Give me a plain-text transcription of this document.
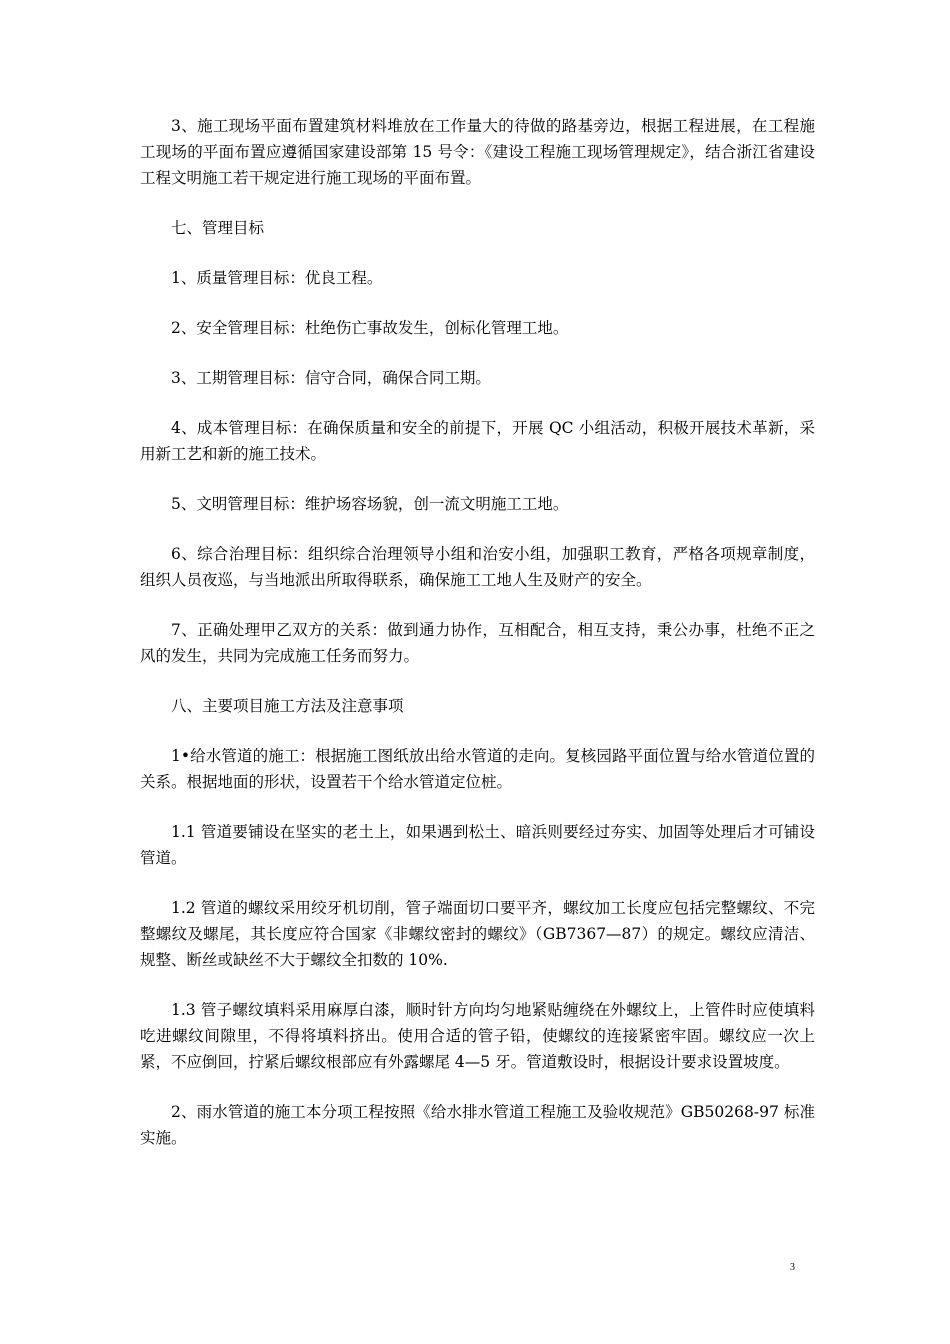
3、施工现场平面布置建筑材料堆放在工作量大的待做的路基旁边，根据工程进展，在工程施工现场的平面布置应遵循国家建设部第 15 号令：《建设工程施工现场管理规定》，结合浙江省建设工程文明施工若干规定进行施工现场的平面布置。

七、管理目标

1、质量管理目标：优良工程。

2、安全管理目标：杜绝伤亡事故发生，创标化管理工地。

3、工期管理目标：信守合同，确保合同工期。

4、成本管理目标：在确保质量和安全的前提下，开展 QC 小组活动，积极开展技术革新，采用新工艺和新的施工技术。

5、文明管理目标：维护场容场貌，创一流文明施工工地。

6、综合治理目标：组织综合治理领导小组和治安小组，加强职工教育，严格各项规章制度，组织人员夜巡，与当地派出所取得联系，确保施工工地人生及财产的安全。

7、正确处理甲乙双方的关系：做到通力协作，互相配合，相互支持，秉公办事，杜绝不正之风的发生，共同为完成施工任务而努力。

八、主要项目施工方法及注意事项

1•给水管道的施工：根据施工图纸放出给水管道的走向。复核园路平面位置与给水管道位置的关系。根据地面的形状，设置若干个给水管道定位桩。

1.1 管道要铺设在坚实的老土上，如果遇到松土、暗浜则要经过夯实、加固等处理后才可铺设管道。

1.2 管道的螺纹采用绞牙机切削，管子端面切口要平齐，螺纹加工长度应包括完整螺纹、不完整螺纹及螺尾，其长度应符合国家《非螺纹密封的螺纹》（GB7367—87）的规定。螺纹应清洁、规整、断丝或缺丝不大于螺纹全扣数的 10%.

1.3 管子螺纹填料采用麻厚白漆，顺时针方向均匀地紧贴缠绕在外螺纹上，上管件时应使填料吃进螺纹间隙里，不得将填料挤出。使用合适的管子铅，使螺纹的连接紧密牢固。螺纹应一次上紧，不应倒回，拧紧后螺纹根部应有外露螺尾 4—5 牙。管道敷设时，根据设计要求设置坡度。

2、雨水管道的施工本分项工程按照《给水排水管道工程施工及验收规范》GB50268-97 标准实施。

3
